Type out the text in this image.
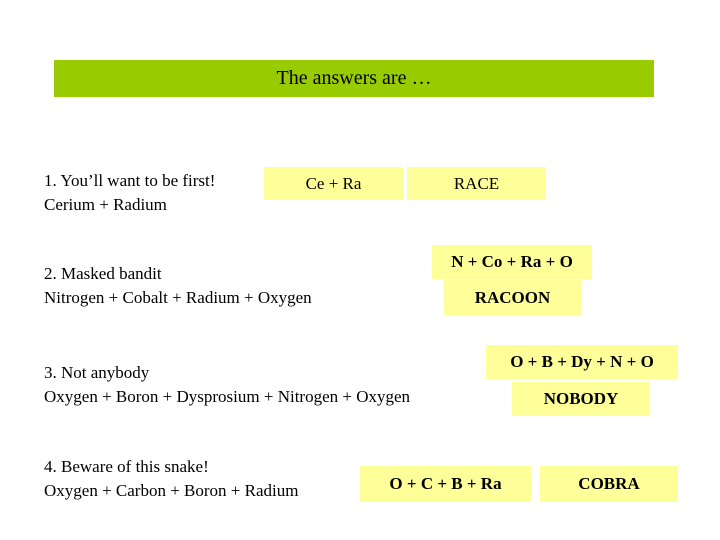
The answers are …
1. You’ll want to be first!
Cerium + Radium
Ce + Ra	RACE
2. Masked bandit
Nitrogen + Cobalt + Radium + Oxygen
N + Co + Ra + O
RACOON
3. Not anybody
Oxygen + Boron + Dysprosium + Nitrogen + Oxygen
O + B + Dy + N + O
NOBODY
4. Beware of this snake!
Oxygen + Carbon + Boron + Radium	O + C + B + Ra	COBRA
